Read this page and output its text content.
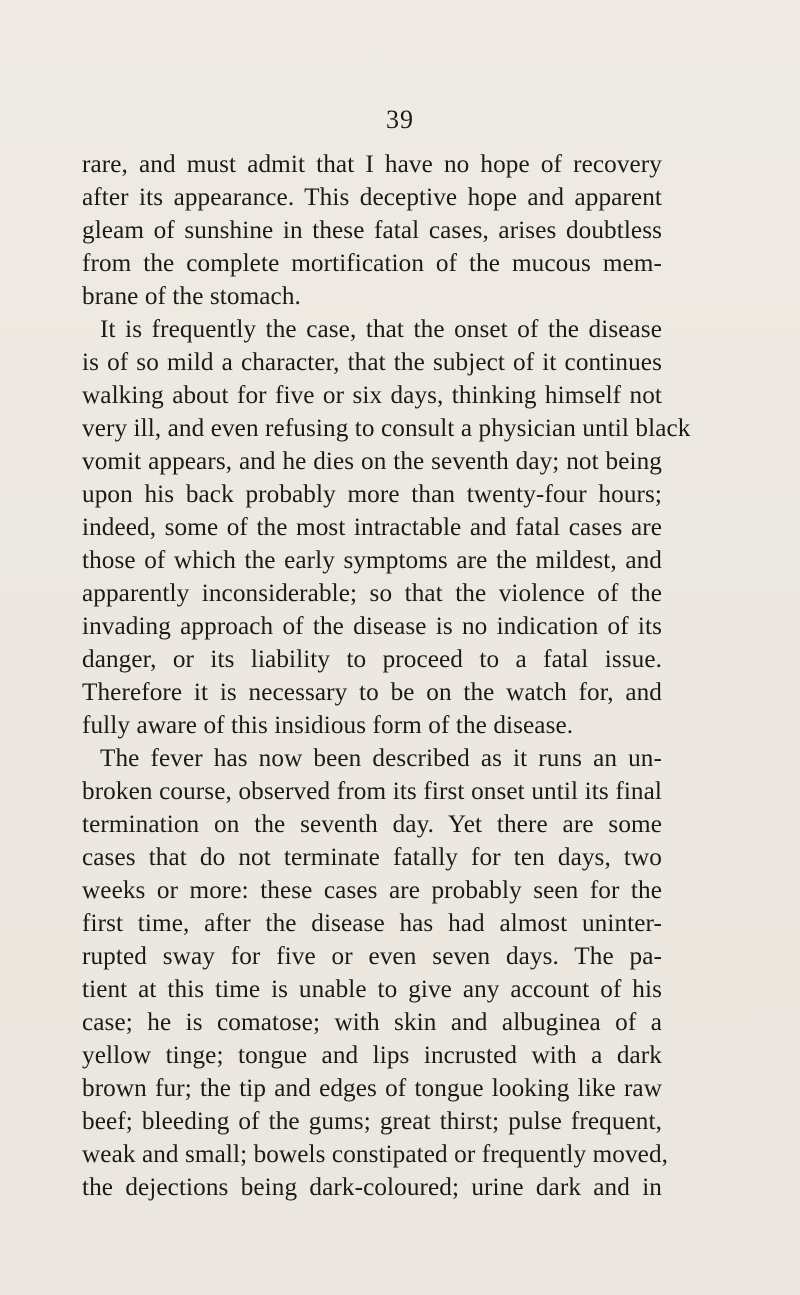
39
rare, and must admit that I have no hope of recovery
after its appearance. This deceptive hope and apparent
gleam of sunshine in these fatal cases, arises doubtless
from the complete mortification of the mucous mem-
brane of the stomach.
It is frequently the case, that the onset of the disease
is of so mild a character, that the subject of it continues
walking about for five or six days, thinking himself not
very ill, and even refusing to consult a physician until black
vomit appears, and he dies on the seventh day; not being
upon his back probably more than twenty-four hours;
indeed, some of the most intractable and fatal cases are
those of which the early symptoms are the mildest, and
apparently inconsiderable; so that the violence of the
invading approach of the disease is no indication of its
danger, or its liability to proceed to a fatal issue.
Therefore it is necessary to be on the watch for, and
fully aware of this insidious form of the disease.
The fever has now been described as it runs an un-
broken course, observed from its first onset until its final
termination on the seventh day. Yet there are some
cases that do not terminate fatally for ten days, two
weeks or more: these cases are probably seen for the
first time, after the disease has had almost uninter-
rupted sway for five or even seven days. The pa-
tient at this time is unable to give any account of his
case; he is comatose; with skin and albuginea of a
yellow tinge; tongue and lips incrusted with a dark
brown fur; the tip and edges of tongue looking like raw
beef; bleeding of the gums; great thirst; pulse frequent,
weak and small; bowels constipated or frequently moved,
the dejections being dark-coloured; urine dark and in
